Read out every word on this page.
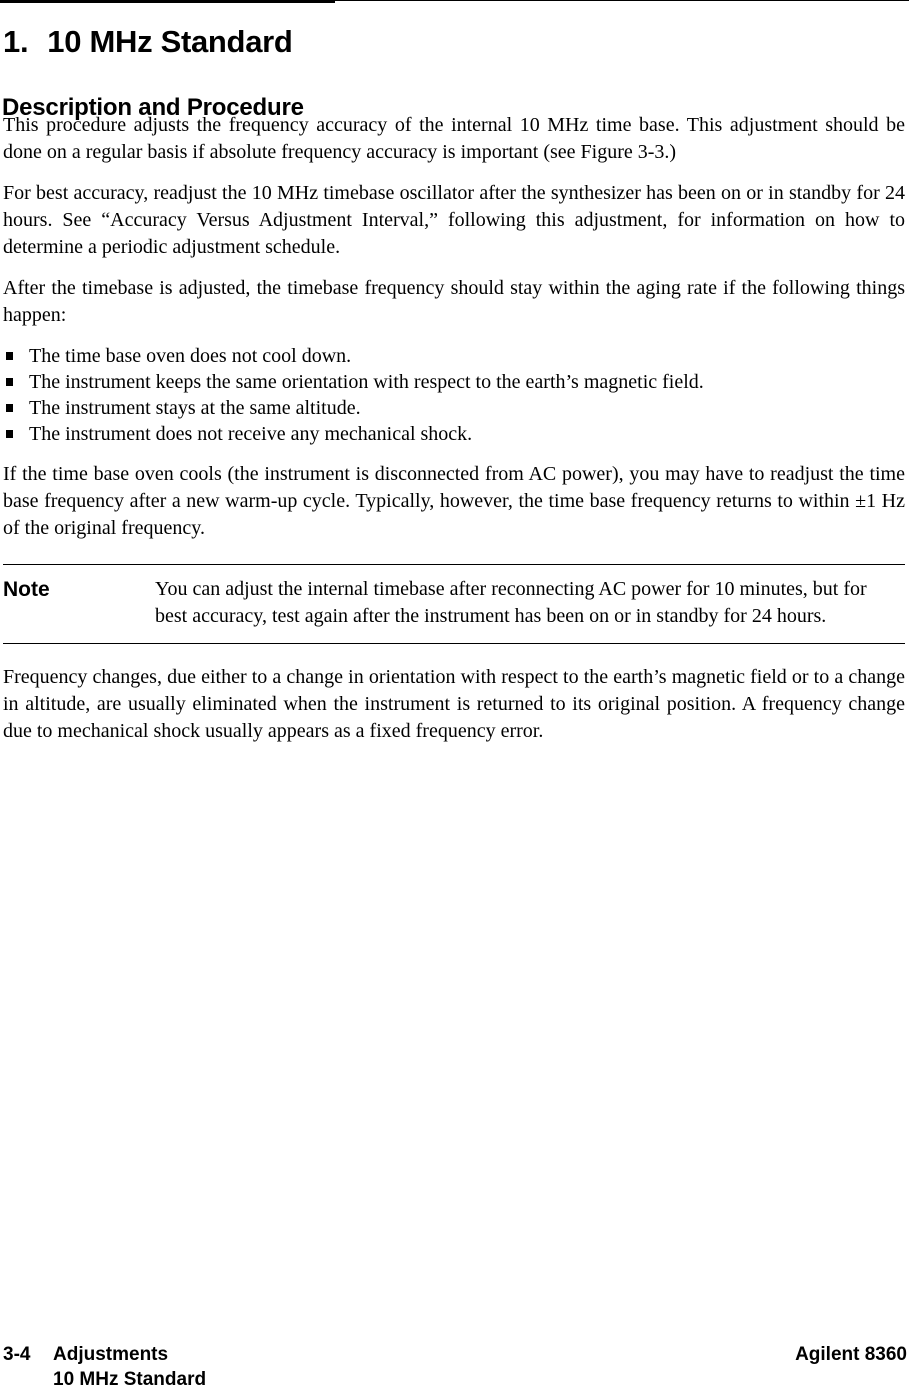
1. 10 MHz Standard
Description and Procedure

This procedure adjusts the frequency accuracy of the internal 10 MHz time base. This adjustment should be done on a regular basis if absolute frequency accuracy is important (see Figure 3-3.)

For best accuracy, readjust the 10 MHz timebase oscillator after the synthesizer has been on or in standby for 24 hours. See “Accuracy Versus Adjustment Interval,” following this adjustment, for information on how to determine a periodic adjustment schedule.

After the timebase is adjusted, the timebase frequency should stay within the aging rate if the following things happen:

The time base oven does not cool down.
The instrument keeps the same orientation with respect to the earth’s magnetic field.
The instrument stays at the same altitude.
The instrument does not receive any mechanical shock.

If the time base oven cools (the instrument is disconnected from AC power), you may have to readjust the time base frequency after a new warm-up cycle. Typically, however, the time base frequency returns to within ±1 Hz of the original frequency.

Note	You can adjust the internal timebase after reconnecting AC power for 10 minutes, but for best accuracy, test again after the instrument has been on or in standby for 24 hours.

Frequency changes, due either to a change in orientation with respect to the earth’s magnetic field or to a change in altitude, are usually eliminated when the instrument is returned to its original position. A frequency change due to mechanical shock usually appears as a fixed frequency error.

3-4	Adjustments	Agilent 8360
10 MHz Standard
